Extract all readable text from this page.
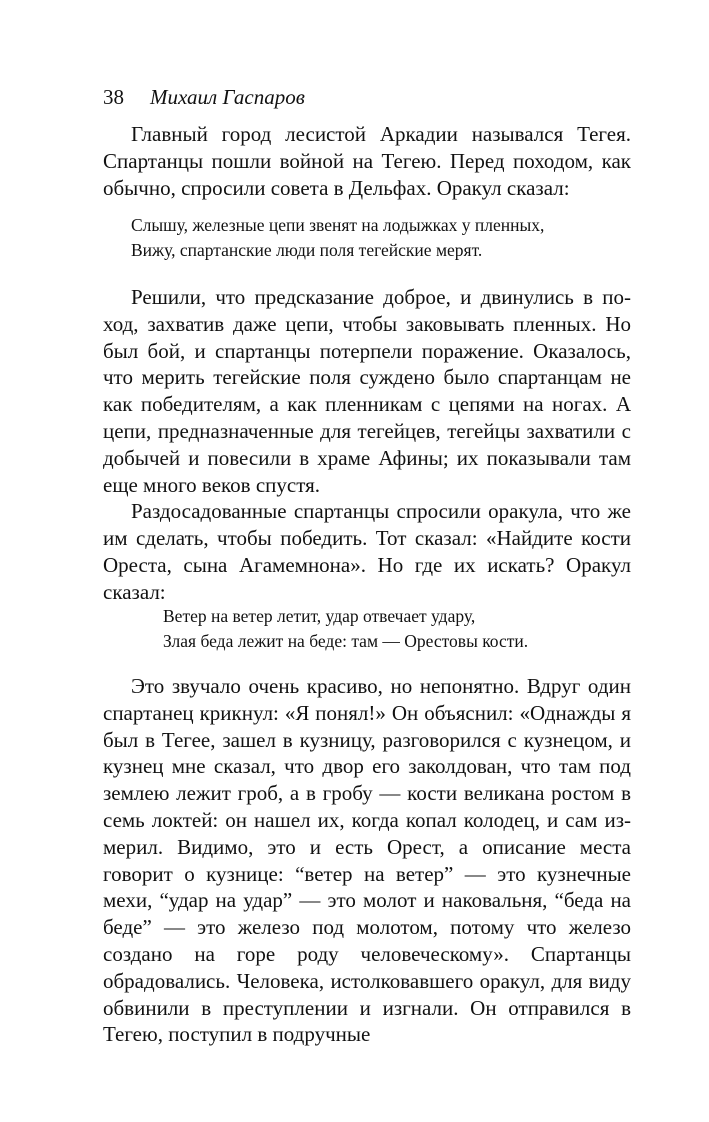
38 Михаил Гаспаров

Главный город лесистой Аркадии назывался Тегея. Спартанцы пошли войной на Тегею. Перед походом, как обычно, спросили совета в Дельфах. Оракул сказал:

Слышу, железные цепи звенят на лодыжках у пленных,
Вижу, спартанские люди поля тегейские мерят.

Решили, что предсказание доброе, и двинулись в поход, захватив даже цепи, чтобы заковывать пленных. Но был бой, и спартанцы потерпели поражение. Оказалось, что мерить тегейские поля суждено было спартанцам не как победителям, а как пленникам с цепями на ногах. А цепи, предназначенные для тегейцев, тегейцы захватили с добычей и повесили в храме Афины; их показывали там еще много веков спустя.

Раздосадованные спартанцы спросили оракула, что же им сделать, чтобы победить. Тот сказал: «Найдите кости Ореста, сына Агамемнона». Но где их искать? Оракул сказал:

Ветер на ветер летит, удар отвечает удару,
Злая беда лежит на беде: там — Орестовы кости.

Это звучало очень красиво, но непонятно. Вдруг один спартанец крикнул: «Я понял!» Он объяснил: «Однажды я был в Тегее, зашел в кузницу, разговорился с кузнецом, и кузнец мне сказал, что двор его заколдован, что там под землею лежит гроб, а в гробу — кости великана ростом в семь локтей: он нашел их, когда копал колодец, и сам измерил. Видимо, это и есть Орест, а описание места говорит о кузнице: “ветер на ветер” — это кузнечные мехи, “удар на удар” — это молот и наковальня, “беда на беде” — это железо под молотом, потому что железо создано на горе роду человеческому». Спартанцы обрадовались. Человека, истолковавшего оракул, для виду обвинили в преступлении и изгнали. Он отправился в Тегею, поступил в подручные
